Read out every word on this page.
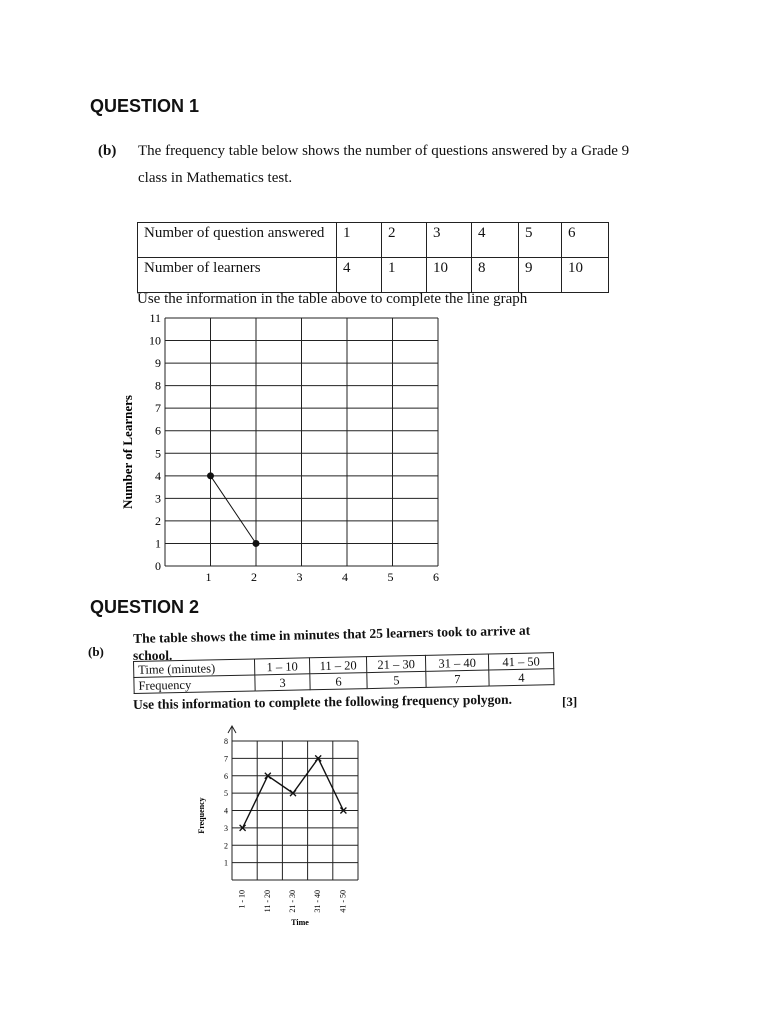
QUESTION 1
(b) The frequency table below shows the number of questions answered by a Grade 9
class in Mathematics test.
Number of question answered	1	2	3	4	5	6
Number of learners	4	1	10	8	9	10
Use the information in the table above to complete the line graph
0
1
2
3
4
5
6
7
8
9
10
11
1	2	3	4	5	6
Number of Learners
1
2
3
4
5
6
7
8
1 - 10 11 - 20 21 - 30 31 - 40 41 - 50
Frequency
Time
QUESTION 2
(b)
The table shows the time in minutes that 25 learners took to arrive at
school.
Time (minutes)	1 – 10	11 – 20	21 – 30	31 – 40	41 – 50
Frequency	3	6	5	7	4
Use this information to complete the following frequency polygon.	[3]
